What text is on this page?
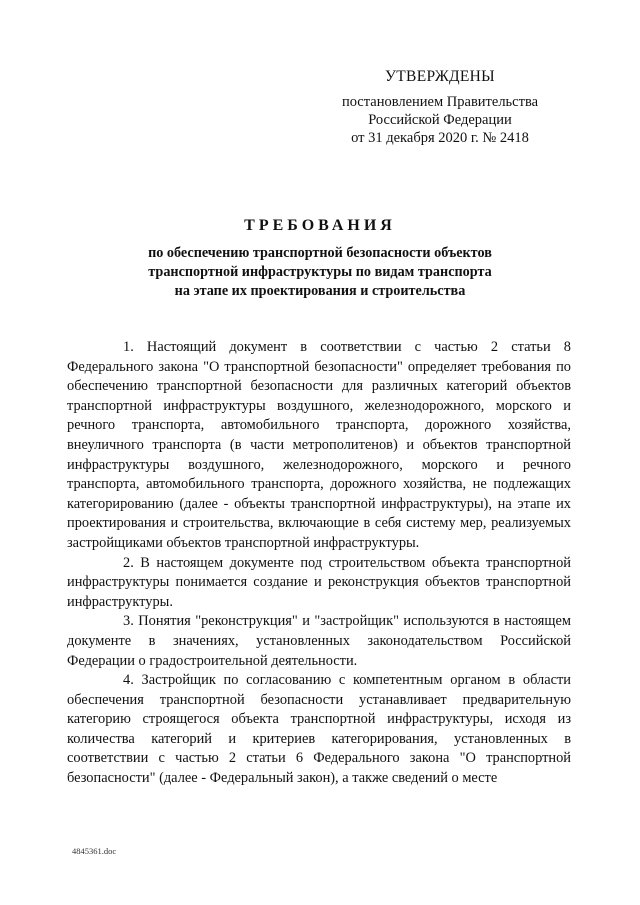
УТВЕРЖДЕНЫ
постановлением Правительства
Российской Федерации
от 31 декабря 2020 г. № 2418
ТРЕБОВАНИЯ
по обеспечению транспортной безопасности объектов
транспортной инфраструктуры по видам транспорта
на этапе их проектирования и строительства

1. Настоящий документ в соответствии с частью 2 статьи 8 Федерального закона "О транспортной безопасности" определяет требования по обеспечению транспортной безопасности для различных категорий объектов транспортной инфраструктуры воздушного, железнодорожного, морского и речного транспорта, автомобильного транспорта, дорожного хозяйства, внеуличного транспорта (в части метрополитенов) и объектов транспортной инфраструктуры воздушного, железнодорожного, морского и речного транспорта, автомобильного транспорта, дорожного хозяйства, не подлежащих категорированию (далее - объекты транспортной инфраструктуры), на этапе их проектирования и строительства, включающие в себя систему мер, реализуемых застройщиками объектов транспортной инфраструктуры.

2. В настоящем документе под строительством объекта транспортной инфраструктуры понимается создание и реконструкция объектов транспортной инфраструктуры.

3. Понятия "реконструкция" и "застройщик" используются в настоящем документе в значениях, установленных законодательством Российской Федерации о градостроительной деятельности.

4. Застройщик по согласованию с компетентным органом в области обеспечения транспортной безопасности устанавливает предварительную категорию строящегося объекта транспортной инфраструктуры, исходя из количества категорий и критериев категорирования, установленных в соответствии с частью 2 статьи 6 Федерального закона "О транспортной безопасности" (далее - Федеральный закон), а также сведений о месте

4845361.doc
